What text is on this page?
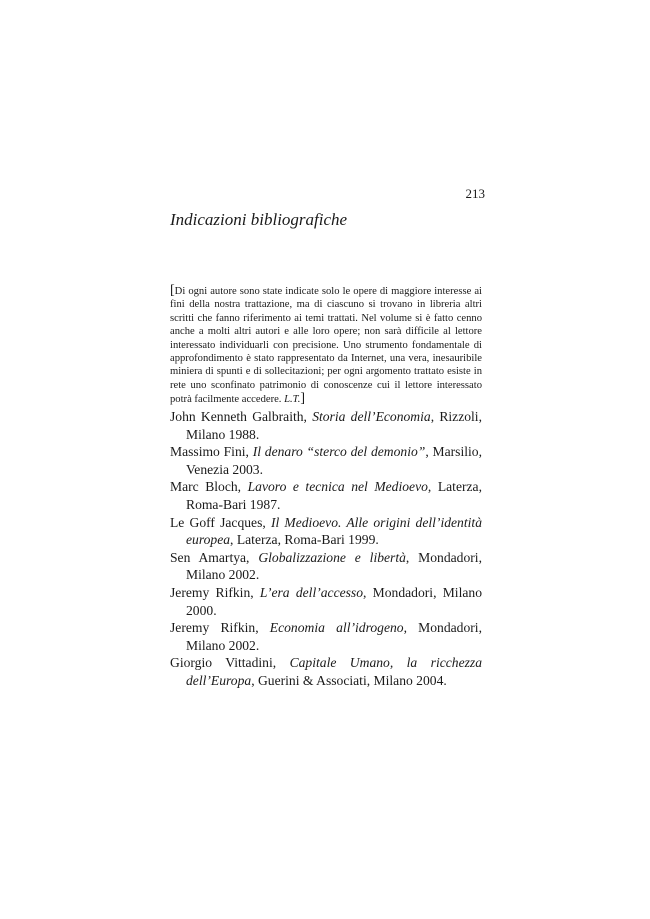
213
Indicazioni bibliografiche

[Di ogni autore sono state indicate solo le opere di maggiore interesse ai fini della nostra trattazione, ma di ciascuno si trovano in libreria altri scritti che fanno riferimento ai temi trattati. Nel volume si è fatto cenno anche a molti altri autori e alle loro opere; non sarà difficile al lettore interessato individuarli con precisione. Uno strumento fondamentale di approfondimento è stato rappresentato da Internet, una vera, inesauribile miniera di spunti e di sollecitazioni; per ogni argomento trattato esiste in rete uno sconfinato patrimonio di conoscenze cui il lettore interessato potrà facilmente accedere. L.T.]

John Kenneth Galbraith, Storia dell’Economia, Rizzoli, Milano 1988.
Massimo Fini, Il denaro “sterco del demonio”, Marsilio, Venezia 2003.
Marc Bloch, Lavoro e tecnica nel Medioevo, Laterza, Roma-Bari 1987.
Le Goff Jacques, Il Medioevo. Alle origini dell’identità europea, Laterza, Roma-Bari 1999.
Sen Amartya, Globalizzazione e libertà, Mondadori, Milano 2002.
Jeremy Rifkin, L’era dell’accesso, Mondadori, Milano 2000.
Jeremy Rifkin, Economia all’idrogeno, Mondadori, Milano 2002.
Giorgio Vittadini, Capitale Umano, la ricchezza dell’Europa, Guerini & Associati, Milano 2004.
